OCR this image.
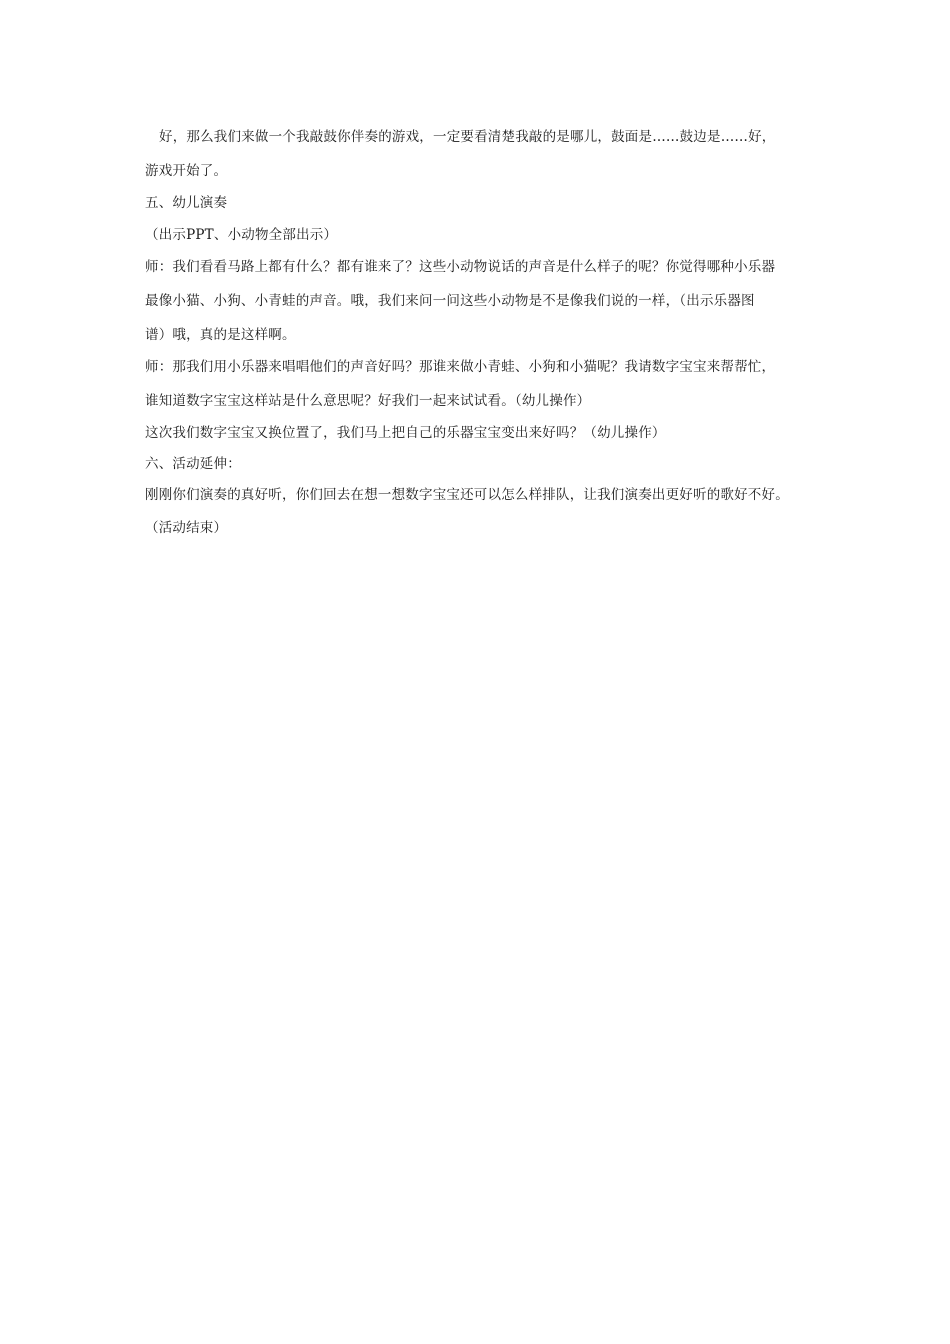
好，那么我们来做一个我敲鼓你伴奏的游戏，一定要看清楚我敲的是哪儿，鼓面是……鼓边是……好，
游戏开始了。
五、幼儿演奏
（出示PPT、小动物全部出示）
师：我们看看马路上都有什么？都有谁来了？这些小动物说话的声音是什么样子的呢？你觉得哪种小乐器
最像小猫、小狗、小青蛙的声音。哦，我们来问一问这些小动物是不是像我们说的一样，（出示乐器图
谱）哦，真的是这样啊。
师：那我们用小乐器来唱唱他们的声音好吗？那谁来做小青蛙、小狗和小猫呢？我请数字宝宝来帮帮忙，
谁知道数字宝宝这样站是什么意思呢？好我们一起来试试看。（幼儿操作）
这次我们数字宝宝又换位置了，我们马上把自己的乐器宝宝变出来好吗？（幼儿操作）
六、活动延伸：
刚刚你们演奏的真好听，你们回去在想一想数字宝宝还可以怎么样排队，让我们演奏出更好听的歌好不好。
（活动结束）
